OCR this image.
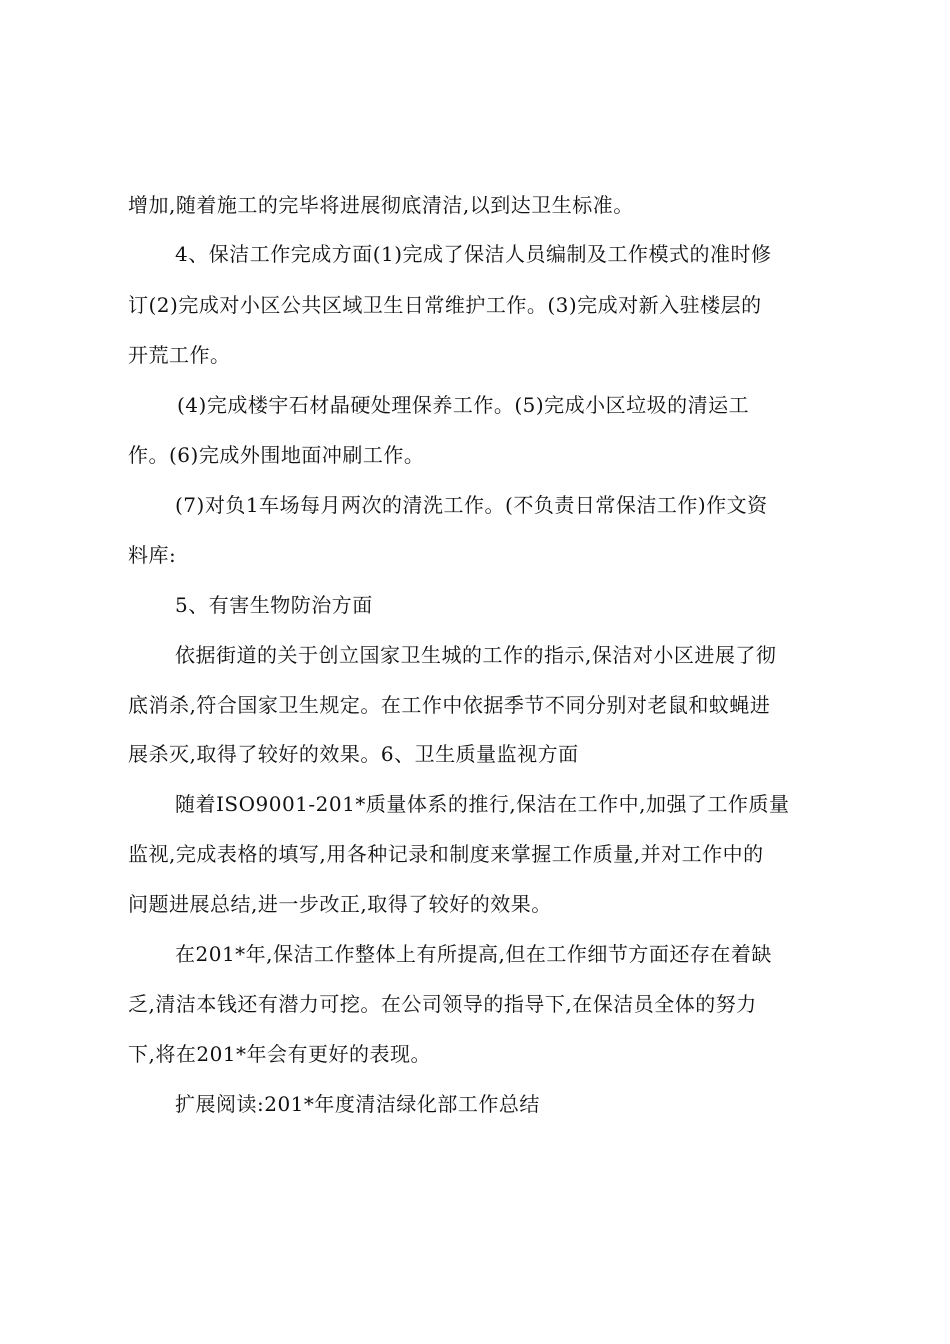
增加,随着施工的完毕将进展彻底清洁,以到达卫生标准。
4、保洁工作完成方面(1)完成了保洁人员编制及工作模式的准时修
订(2)完成对小区公共区域卫生日常维护工作。(3)完成对新入驻楼层的
开荒工作。
(4)完成楼宇石材晶硬处理保养工作。(5)完成小区垃圾的清运工
作。(6)完成外围地面冲刷工作。
(7)对负1车场每月两次的清洗工作。(不负责日常保洁工作)作文资
料库:
5、有害生物防治方面
依据街道的关于创立国家卫生城的工作的指示,保洁对小区进展了彻
底消杀,符合国家卫生规定。在工作中依据季节不同分别对老鼠和蚊蝇进
展杀灭,取得了较好的效果。6、卫生质量监视方面
随着ISO9001-201*质量体系的推行,保洁在工作中,加强了工作质量
监视,完成表格的填写,用各种记录和制度来掌握工作质量,并对工作中的
问题进展总结,进一步改正,取得了较好的效果。
在201*年,保洁工作整体上有所提高,但在工作细节方面还存在着缺
乏,清洁本钱还有潜力可挖。在公司领导的指导下,在保洁员全体的努力
下,将在201*年会有更好的表现。
扩展阅读:201*年度清洁绿化部工作总结
